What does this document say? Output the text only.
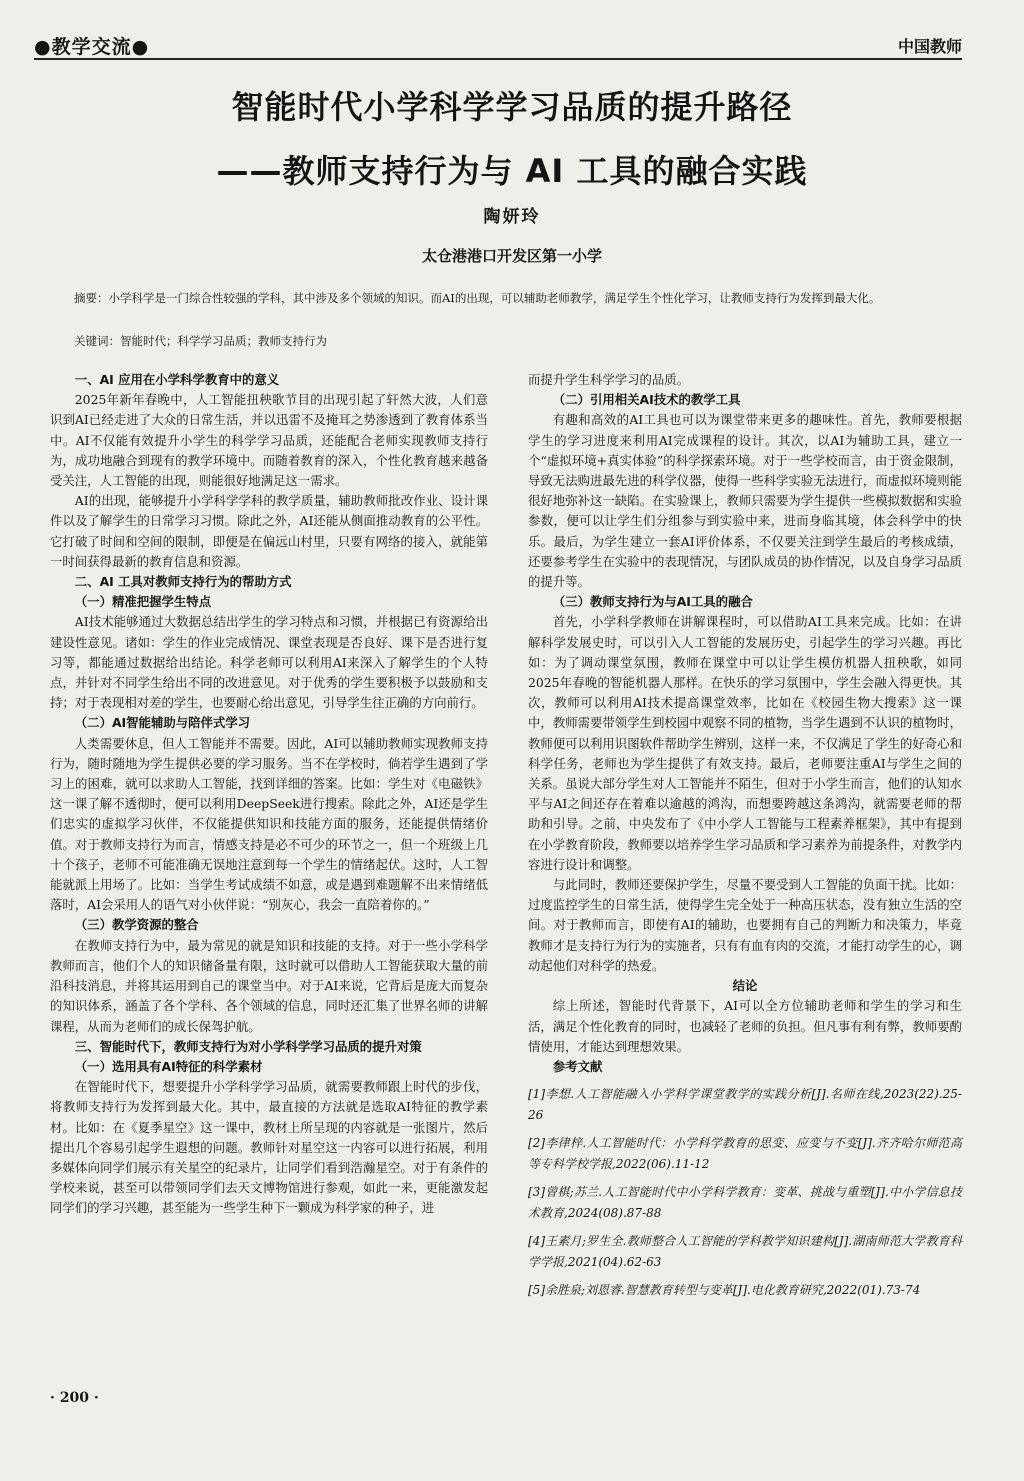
●教学交流●	中国教师
智能时代小学科学学习品质的提升路径
——教师支持行为与 AI 工具的融合实践
陶妍玲
太仓港港口开发区第一小学
摘要：小学科学是一门综合性较强的学科，其中涉及多个领域的知识。而AI的出现，可以辅助老师教学，满足学生个性化学习，让教师支持行为发挥到最大化。
关键词：智能时代；科学学习品质；教师支持行为
一、AI 应用在小学科学教育中的意义

2025年新年春晚中，人工智能扭秧歌节目的出现引起了轩然大波，人们意识到AI已经走进了大众的日常生活，并以迅雷不及掩耳之势渗透到了教育体系当中。AI不仅能有效提升小学生的科学学习品质，还能配合老师实现教师支持行为，成功地融合到现有的教学环境中。而随着教育的深入，个性化教育越来越备受关注，人工智能的出现，则能很好地满足这一需求。

AI的出现，能够提升小学科学学科的教学质量，辅助教师批改作业、设计课件以及了解学生的日常学习习惯。除此之外，AI还能从侧面推动教育的公平性。它打破了时间和空间的限制，即便是在偏远山村里，只要有网络的接入，就能第一时间获得最新的教育信息和资源。

二、AI 工具对教师支持行为的帮助方式
（一）精准把握学生特点

AI技术能够通过大数据总结出学生的学习特点和习惯，并根据已有资源给出建设性意见。诸如：学生的作业完成情况、课堂表现是否良好、课下是否进行复习等，都能通过数据给出结论。科学老师可以利用AI来深入了解学生的个人特点，并针对不同学生给出不同的改进意见。对于优秀的学生要积极予以鼓励和支持；对于表现相对差的学生，也要耐心给出意见，引导学生往正确的方向前行。

（二）AI智能辅助与陪伴式学习

人类需要休息，但人工智能并不需要。因此，AI可以辅助教师实现教师支持行为，随时随地为学生提供必要的学习服务。当不在学校时，倘若学生遇到了学习上的困难，就可以求助人工智能，找到详细的答案。比如：学生对《电磁铁》这一课了解不透彻时，便可以利用DeepSeek进行搜索。除此之外，AI还是学生们忠实的虚拟学习伙伴，不仅能提供知识和技能方面的服务，还能提供情绪价值。对于教师支持行为而言，情感支持是必不可少的环节之一，但一个班级上几十个孩子，老师不可能准确无误地注意到每一个学生的情绪起伏。这时，人工智能就派上用场了。比如：当学生考试成绩不如意，或是遇到难题解不出来情绪低落时，AI会采用人的语气对小伙伴说：“别灰心，我会一直陪着你的。”

（三）教学资源的整合

在教师支持行为中，最为常见的就是知识和技能的支持。对于一些小学科学教师而言，他们个人的知识储备量有限，这时就可以借助人工智能获取大量的前沿科技消息，并将其运用到自己的课堂当中。对于AI来说，它背后是庞大而复杂的知识体系，涵盖了各个学科、各个领域的信息，同时还汇集了世界名师的讲解课程，从而为老师们的成长保驾护航。

三、智能时代下，教师支持行为对小学科学学习品质的提升对策
（一）选用具有AI特征的科学素材

在智能时代下，想要提升小学科学学习品质，就需要教师跟上时代的步伐，将教师支持行为发挥到最大化。其中，最直接的方法就是选取AI特征的教学素材。比如：在《夏季星空》这一课中，教材上所呈现的内容就是一张图片，然后提出几个容易引起学生遐想的问题。教师针对星空这一内容可以进行拓展，利用多媒体向同学们展示有关星空的纪录片，让同学们看到浩瀚星空。对于有条件的学校来说，甚至可以带领同学们去天文博物馆进行参观，如此一来，更能激发起同学们的学习兴趣，甚至能为一些学生种下一颗成为科学家的种子，进

而提升学生科学学习的品质。

（二）引用相关AI技术的教学工具

有趣和高效的AI工具也可以为课堂带来更多的趣味性。首先，教师要根据学生的学习进度来利用AI完成课程的设计。其次，以AI为辅助工具，建立一个“虚拟环境+真实体验”的科学探索环境。对于一些学校而言，由于资金限制，导致无法购进最先进的科学仪器，使得一些科学实验无法进行，而虚拟环境则能很好地弥补这一缺陷。在实验课上，教师只需要为学生提供一些模拟数据和实验参数，便可以让学生们分组参与到实验中来，进而身临其境，体会科学中的快乐。最后，为学生建立一套AI评价体系，不仅要关注到学生最后的考核成绩，还要参考学生在实验中的表现情况，与团队成员的协作情况，以及自身学习品质的提升等。

（三）教师支持行为与AI工具的融合

首先，小学科学教师在讲解课程时，可以借助AI工具来完成。比如：在讲解科学发展史时，可以引入人工智能的发展历史，引起学生的学习兴趣。再比如：为了调动课堂氛围，教师在课堂中可以让学生模仿机器人扭秧歌，如同2025年春晚的智能机器人那样。在快乐的学习氛围中，学生会融入得更快。其次，教师可以利用AI技术提高课堂效率，比如在《校园生物大搜索》这一课中，教师需要带领学生到校园中观察不同的植物，当学生遇到不认识的植物时，教师便可以利用识图软件帮助学生辨别，这样一来，不仅满足了学生的好奇心和科学任务，老师也为学生提供了有效支持。最后，老师要注重AI与学生之间的关系。虽说大部分学生对人工智能并不陌生，但对于小学生而言，他们的认知水平与AI之间还存在着难以逾越的鸿沟，而想要跨越这条鸿沟，就需要老师的帮助和引导。之前，中央发布了《中小学人工智能与工程素养框架》，其中有提到在小学教育阶段，教师要以培养学生学习品质和学习素养为前提条件，对教学内容进行设计和调整。

与此同时，教师还要保护学生，尽量不要受到人工智能的负面干扰。比如：过度监控学生的日常生活，使得学生完全处于一种高压状态，没有独立生活的空间。对于教师而言，即使有AI的辅助，也要拥有自己的判断力和决策力，毕竟教师才是支持行为行为的实施者，只有有血有肉的交流，才能打动学生的心，调动起他们对科学的热爱。

结论

综上所述，智能时代背景下，AI可以全方位辅助老师和学生的学习和生活，满足个性化教育的同时，也减轻了老师的负担。但凡事有利有弊，教师要酌情使用，才能达到理想效果。

参考文献

[1]李想.人工智能融入小学科学课堂教学的实践分析[J].名师在线,2023(22).25-26

[2]李律梓.人工智能时代：小学科学教育的思变、应变与不变[J].齐齐哈尔师范高等专科学校学报,2022(06).11-12

[3]曾棋;苏兰.人工智能时代中小学科学教育：变革、挑战与重塑[J].中小学信息技术教育,2024(08).87-88

[4]王素月;罗生全.教师整合人工智能的学科教学知识建构[J].湖南师范大学教育科学学报,2021(04).62-63

[5]余胜泉;刘恩睿.智慧教育转型与变革[J].电化教育研究,2022(01).73-74

· 200 ·
